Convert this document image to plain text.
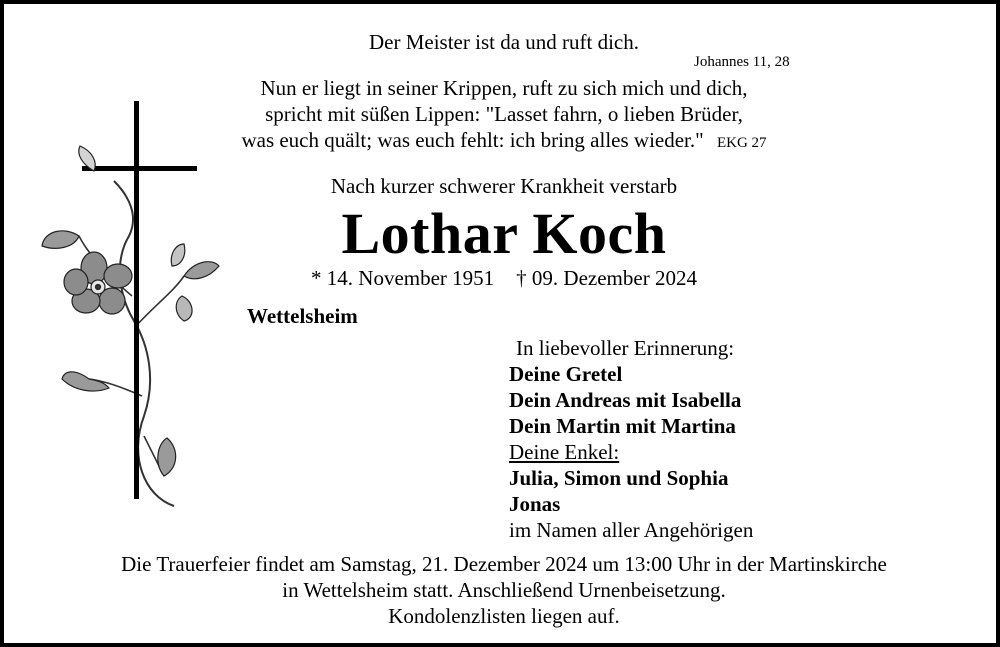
Der Meister ist da und ruft dich.
Johannes 11, 28
Nun er liegt in seiner Krippen, ruft zu sich mich und dich,
spricht mit süßen Lippen: "Lasset fahrn, o lieben Brüder,
was euch quält; was euch fehlt: ich bring alles wieder." EKG 27
Nach kurzer schwerer Krankheit verstarb
Lothar Koch
* 14. November 1951 † 09. Dezember 2024
Wettelsheim
In liebevoller Erinnerung:
Deine Gretel
Dein Andreas mit Isabella
Dein Martin mit Martina
Deine Enkel:
Julia, Simon und Sophia
Jonas
im Namen aller Angehörigen
Die Trauerfeier findet am Samstag, 21. Dezember 2024 um 13:00 Uhr in der Martinskirche
in Wettelsheim statt. Anschließend Urnenbeisetzung.
Kondolenzlisten liegen auf.
